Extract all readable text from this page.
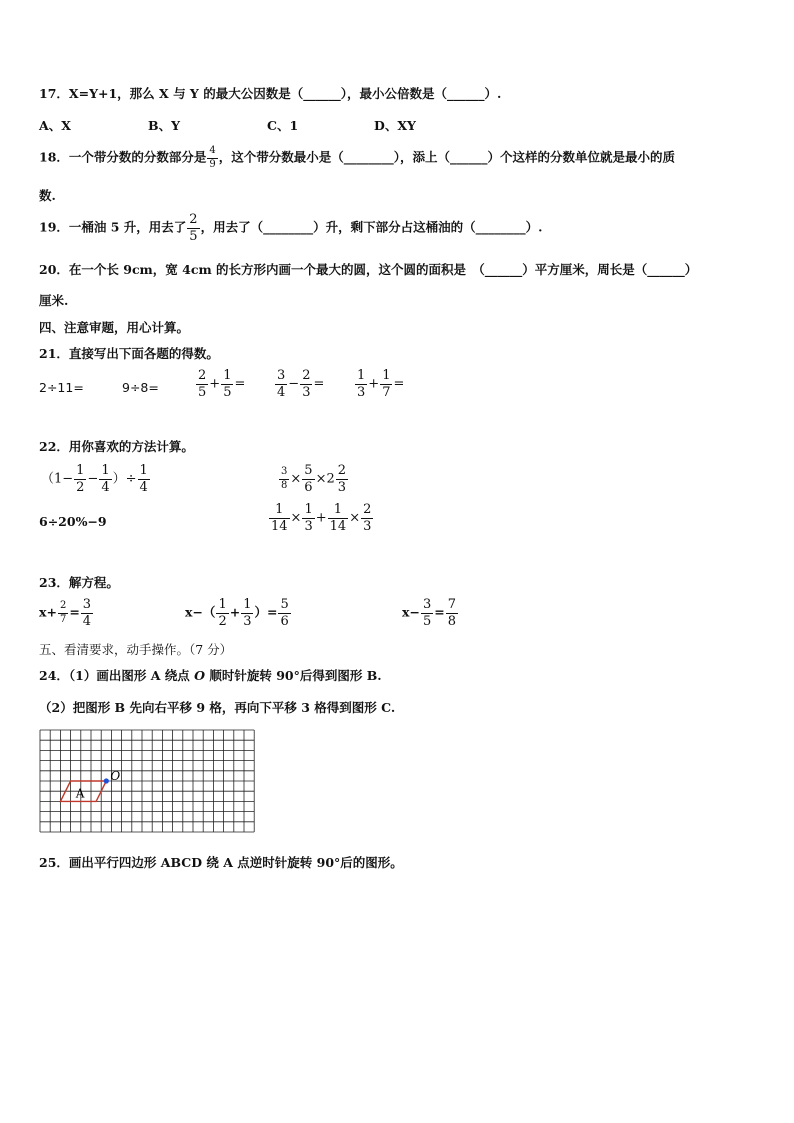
17．X=Y+1，那么 X 与 Y 的最大公因数是（______），最小公倍数是（______）.
A、X	B、Y	C、1	D、XY
18．一个带分数的分数部分是 $\frac{4}{9}$ ，这个带分数最小是（________），添上（______）个这样的分数单位就是最小的质
数.
19．一桶油 5 升，用去了 $\frac{2}{5}$ ，用去了（________）升，剩下部分占这桶油的（________）.
20．在一个长 9cm，宽 4cm 的长方形内画一个最大的圆，这个圆的面积是　（______）平方厘米，周长是（______）
厘米.
四、注意审题，用心计算。
21．直接写出下面各题的得数。
2÷11=	9÷8=	$\frac{2}{5} + \frac{1}{5} = \frac{3}{4} - \frac{2}{3} = \frac{1}{3} + \frac{1}{7}$ =
22．用你喜欢的方法计算。
（$1- \frac{1}{2} - \frac{1}{4}$ ）÷ $\frac{1}{4}$	$\frac{3}{8} \times \frac{5}{6} \times 2 \frac{2}{3}$
6÷20%−9	$\frac{1}{14} \times \frac{1}{3} + \frac{1}{14} \times \frac{2}{3}$
23．解方程。
$x+ \frac{2}{7} = \frac{3}{4}$	$x-( \frac{1}{2} + \frac{1}{3}$ ）= $\frac{5}{6}$	$x- \frac{3}{5} = \frac{7}{8}$
五、看清要求，动手操作。（7 分）
24．（1）画出图形 A 绕点 O 顺时针旋转 90°后得到图形 B.
（2）把图形 B 先向右平移 9 格，再向下平移 3 格得到图形 C.
A
O
25．画出平行四边形 ABCD 绕 A 点逆时针旋转 90°后的图形。
